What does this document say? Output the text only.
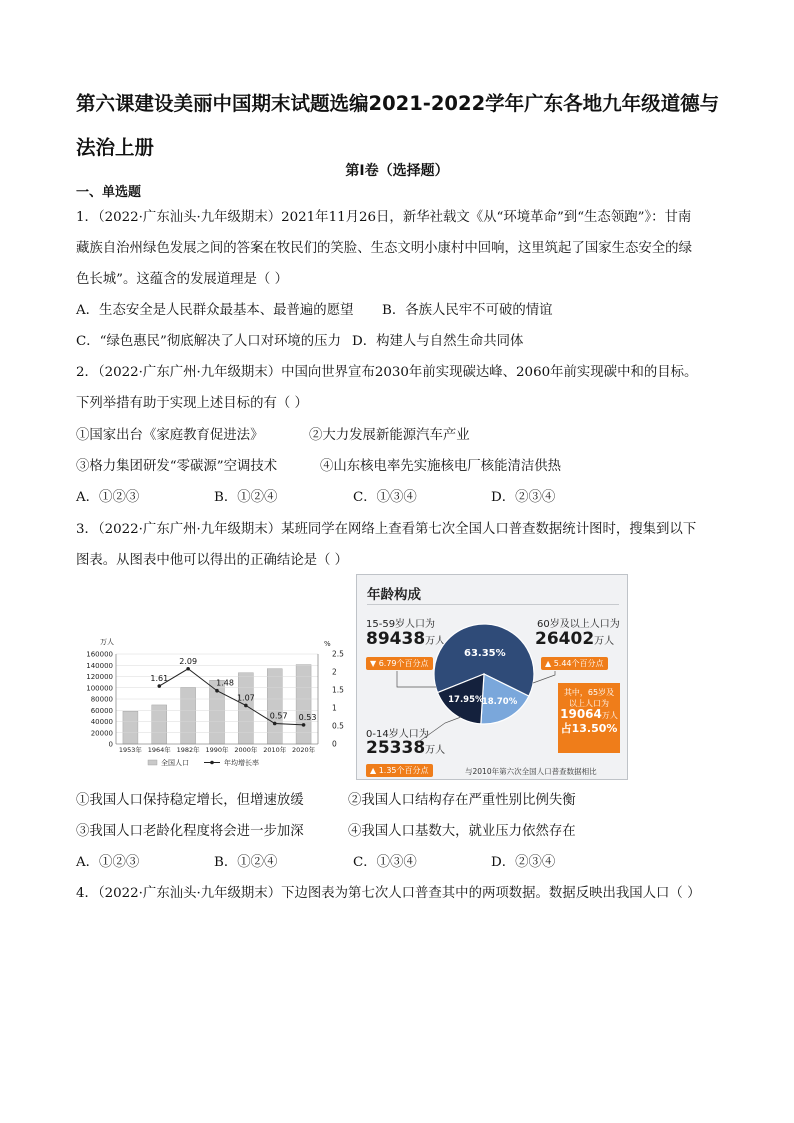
第六课建设美丽中国期末试题选编2021-2022学年广东各地九年级道德与
法治上册
第Ⅰ卷（选择题）
一、单选题
1．（2022·广东汕头·九年级期末）2021年11月26日，新华社载文《从“环境革命”到“生态领跑”》：甘南
藏族自治州绿色发展之间的答案在牧民们的笑脸、生态文明小康村中回响，这里筑起了国家生态安全的绿
色长城”。这蕴含的发展道理是（ ）
A．生态安全是人民群众最基本、最普遍的愿望 B．各族人民牢不可破的情谊
C．“绿色惠民”彻底解决了人口对环境的压力 D．构建人与自然生命共同体
2．（2022·广东广州·九年级期末）中国向世界宣布2030年前实现碳达峰、2060年前实现碳中和的目标。
下列举措有助于实现上述目标的有（ ）
①国家出台《家庭教育促进法》	②大力发展新能源汽车产业
③格力集团研发“零碳源”空调技术	④山东核电率先实施核电厂核能清洁供热
A．①②③	B．①②④	C．①③④	D．②③④
3．（2022·广东广州·九年级期末）某班同学在网络上查看第七次全国人口普查数据统计图时，搜集到以下
图表。从图表中他可以得出的正确结论是（ ）
万人	%
0
20000
40000
60000
80000
100000
120000
140000
160000
0
0.5
1
1.5
2
2.5
1953年 1964年 1982年 1990年 2000年 2010年 2020年
1.61
2.09
1.48
1.07
0.57 0.53
全国人口	年均增长率
年龄构成
15-59岁人口为
89438万人
▼ 6.79个百分点
60岁及以上人口为
26402万人
▲ 5.44个百分点
其中，65岁及
以上人口为
19064万人
占13.50%
0-14岁人口为
25338万人
▲ 1.35个百分点	与2010年第六次全国人口普查数据相比
63.35%
18.70%
17.95%
①我国人口保持稳定增长，但增速放缓	②我国人口结构存在严重性别比例失衡
③我国人口老龄化程度将会进一步加深	④我国人口基数大，就业压力依然存在
A．①②③	B．①②④	C．①③④	D．②③④
4．（2022·广东汕头·九年级期末）下边图表为第七次人口普查其中的两项数据。数据反映出我国人口（ ）
